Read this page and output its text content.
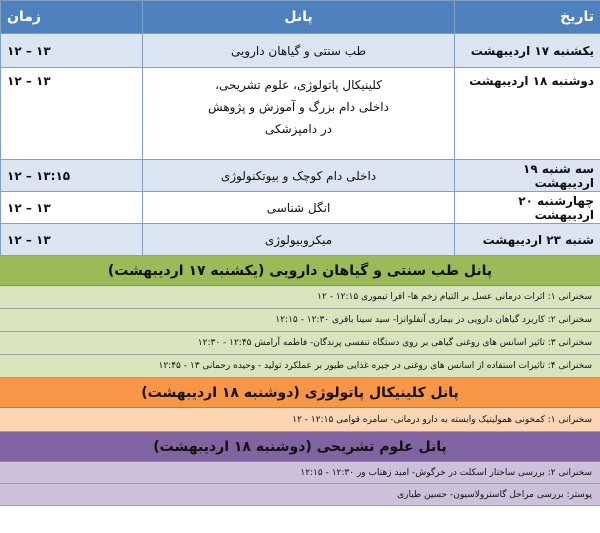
تاریخ	پانل	زمان
یکشنبه ۱۷ اردیبهشت	طب سنتی و گیاهان دارویی	۱۲ – ۱۳
دوشنبه ۱۸ اردیبهشت	کلینیکال پاتولوژی، علوم تشریحی،
داخلی دام بزرگ و آموزش و پژوهش
در دامپزشکی	۱۲ – ۱۳
سه شنبه ۱۹ اردیبهشت	داخلی دام کوچک و بیوتکنولوژی	۱۲ – ۱۳:۱۵
چهارشنبه ۲۰ اردیبهشت	انگل شناسی	۱۲ – ۱۳
شنبه ۲۳ اردیبهشت	میکروبیولوژی	۱۲ – ۱۳
پانل طب سنتی و گیاهان دارویی (یکشنبه ۱۷ اردیبهشت)
سخنرانی ۱: اثرات درمانی عسل بر التیام زخم ها- افرا تیموری ۱۲:۱۵ - ۱۲
سخنرانی ۲: کاربرد گیاهان دارویی در بیماری آنفلوانزا- سید سینا باقری ۱۲:۳۰ - ۱۲:۱۵
سخنرانی ۳: تاثیر اسانس های روغنی گیاهی بر روی دستگاه تنفسی پرندگان- فاطمه آرامش ۱۲:۴۵ - ۱۲:۳۰
سخنرانی ۴: تاثیرات استفاده از اسانس های روغنی در جیره غذایی طیور بر عملکرد تولید - وحیده رحمانی ۱۳ - ۱۲:۴۵
پانل کلینیکال پاتولوژی (دوشنبه ۱۸ اردیبهشت)
سخنرانی ۱: کمخونی همولیتیک وابسته به دارو درمانی- سامره قوامی ۱۲:۱۵ - ۱۲
پانل علوم تشریحی (دوشنبه ۱۸ اردیبهشت)
سخنرانی ۲: بررسی ساختار اسکلت در خرگوش- امید زهتاب ور ۱۲:۳۰ - ۱۲:۱۵
پوستر: بررسی مراحل گاسترولاسیون- حسین طیاری
